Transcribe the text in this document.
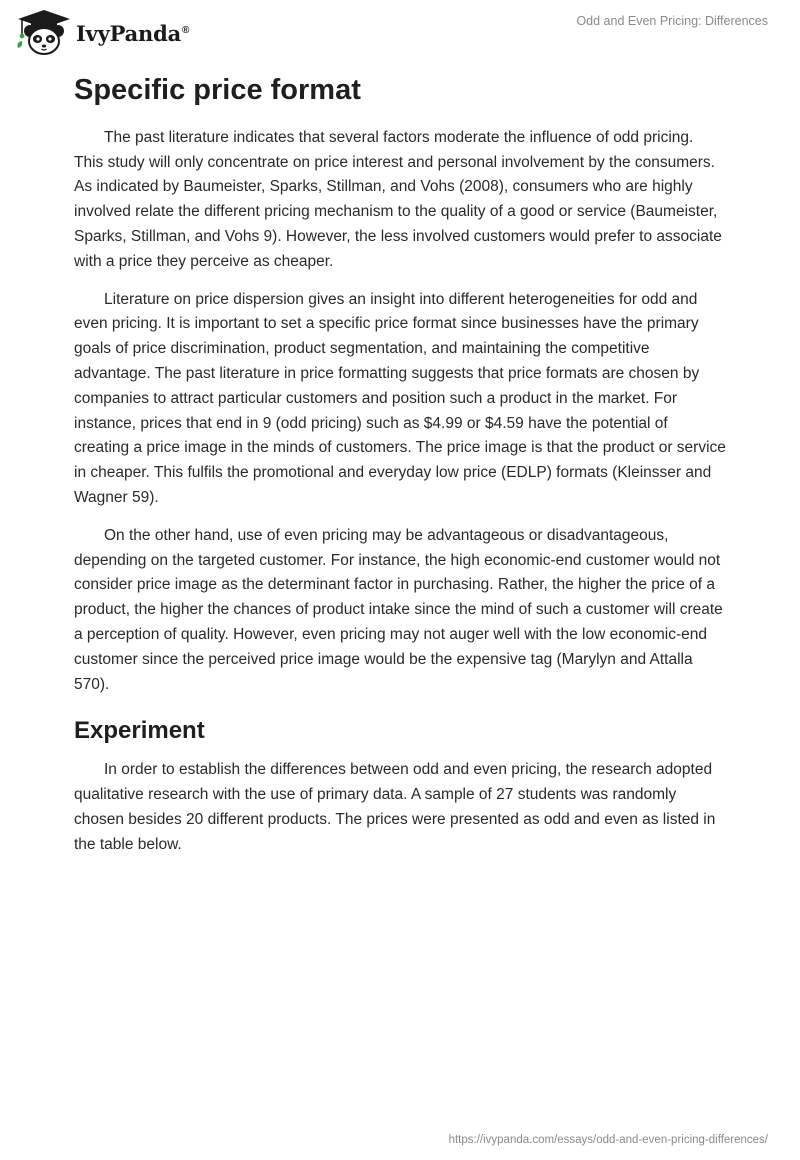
IvyPanda®
Odd and Even Pricing: Differences
Specific price format

The past literature indicates that several factors moderate the influence of odd pricing. This study will only concentrate on price interest and personal involvement by the consumers. As indicated by Baumeister, Sparks, Stillman, and Vohs (2008), consumers who are highly involved relate the different pricing mechanism to the quality of a good or service (Baumeister, Sparks, Stillman, and Vohs 9). However, the less involved customers would prefer to associate with a price they perceive as cheaper.

Literature on price dispersion gives an insight into different heterogeneities for odd and even pricing. It is important to set a specific price format since businesses have the primary goals of price discrimination, product segmentation, and maintaining the competitive advantage. The past literature in price formatting suggests that price formats are chosen by companies to attract particular customers and position such a product in the market. For instance, prices that end in 9 (odd pricing) such as $4.99 or $4.59 have the potential of creating a price image in the minds of customers. The price image is that the product or service in cheaper. This fulfils the promotional and everyday low price (EDLP) formats (Kleinsser and Wagner 59).

On the other hand, use of even pricing may be advantageous or disadvantageous, depending on the targeted customer. For instance, the high economic-end customer would not consider price image as the determinant factor in purchasing. Rather, the higher the price of a product, the higher the chances of product intake since the mind of such a customer will create a perception of quality. However, even pricing may not auger well with the low economic-end customer since the perceived price image would be the expensive tag (Marylyn and Attalla 570).

Experiment

In order to establish the differences between odd and even pricing, the research adopted qualitative research with the use of primary data. A sample of 27 students was randomly chosen besides 20 different products. The prices were presented as odd and even as listed in the table below.

https://ivypanda.com/essays/odd-and-even-pricing-differences/
